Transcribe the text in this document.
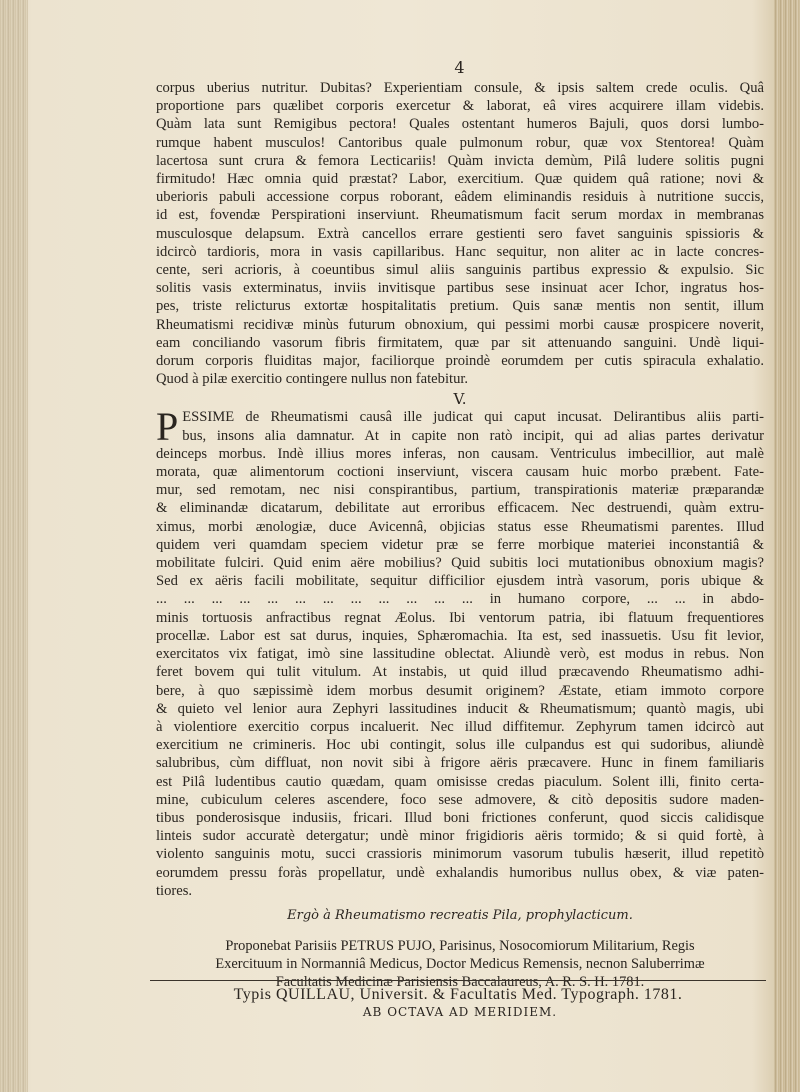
4
corpus uberius nutritur. Dubitas? Experientiam consule, & ipsis saltem crede oculis. Quâ
proportione pars quælibet corporis exercetur & laborat, eâ vires acquirere illam videbis.
Quàm lata sunt Remigibus pectora! Quales ostentant humeros Bajuli, quos dorsi lumbo-
rumque habent musculos! Cantoribus quale pulmonum robur, quæ vox Stentorea! Quàm
lacertosa sunt crura & femora Lecticariis! Quàm invicta demùm, Pilâ ludere solitis pugni
firmitudo! Hæc omnia quid præstat? Labor, exercitium. Quæ quidem quâ ratione; novi &
uberioris pabuli accessione corpus roborant, eâdem eliminandis residuis à nutritione succis,
id est, fovendæ Perspirationi inserviunt. Rheumatismum facit serum mordax in membranas
musculosque delapsum. Extrà cancellos errare gestienti sero favet sanguinis spissioris &
idcircò tardioris, mora in vasis capillaribus. Hanc sequitur, non aliter ac in lacte concres-
cente, seri acrioris, à coeuntibus simul aliis sanguinis partibus expressio & expulsio. Sic
solitis vasis exterminatus, inviis invitisque partibus sese insinuat acer Ichor, ingratus hos-
pes, triste relicturus extortæ hospitalitatis pretium. Quis sanæ mentis non sentit, illum
Rheumatismi recidivæ minùs futurum obnoxium, qui pessimi morbi causæ prospicere noverit,
eam conciliando vasorum fibris firmitatem, quæ par sit attenuando sanguini. Undè liqui-
dorum corporis fluiditas major, faciliorque proindè eorumdem per cutis spiracula exhalatio.
Quod à pilæ exercitio contingere nullus non fatebitur.
V.
P ESSIME de Rheumatismi causâ ille judicat qui caput incusat. Delirantibus aliis parti-
bus, insons alia damnatur. At in capite non ratò incipit, qui ad alias partes derivatur
deinceps morbus. Indè illius mores inferas, non causam. Ventriculus imbecillior, aut malè
morata, quæ alimentorum coctioni inserviunt, viscera causam huic morbo præbent. Fate-
mur, sed remotam, nec nisi conspirantibus, partium, transpirationis materiæ præparandæ
& eliminandæ dicatarum, debilitate aut erroribus efficacem. Nec destruendi, quàm extru-
ximus, morbi ænologiæ, duce Avicennâ, objicias status esse Rheumatismi parentes. Illud
quidem veri quamdam speciem videtur præ se ferre morbique materiei inconstantiâ &
mobilitate fulciri. Quid enim aëre mobilius? Quid subitis loci mutationibus obnoxium magis?
Sed ex aëris facili mobilitate, sequitur difficilior ejusdem intrà vasorum, poris ubique &
... ... ... ... ... ... ... ... ... ... ... ... in humano corpore, ... ... in abdo-
minis tortuosis anfractibus regnat Æolus. Ibi ventorum patria, ibi flatuum frequentiores
procellæ. Labor est sat durus, inquies, Sphæromachia. Ita est, sed inassuetis. Usu fit levior,
exercitatos vix fatigat, imò sine lassitudine oblectat. Aliundè verò, est modus in rebus. Non
feret bovem qui tulit vitulum. At instabis, ut quid illud præcavendo Rheumatismo adhi-
bere, à quo sæpissimè idem morbus desumit originem? Æstate, etiam immoto corpore
& quieto vel lenior aura Zephyri lassitudines inducit & Rheumatismum; quantò magis, ubi
à violentiore exercitio corpus incaluerit. Nec illud diffitemur. Zephyrum tamen idcircò aut
exercitium ne crimineris. Hoc ubi contingit, solus ille culpandus est qui sudoribus, aliundè
salubribus, cùm diffluat, non novit sibi à frigore aëris præcavere. Hunc in finem familiaris
est Pilâ ludentibus cautio quædam, quam omisisse credas piaculum. Solent illi, finito certa-
mine, cubiculum celeres ascendere, foco sese admovere, & citò depositis sudore maden-
tibus ponderosisque indusiis, fricari. Illud boni frictiones conferunt, quod siccis calidisque
linteis sudor accuratè detergatur; undè minor frigidioris aëris tormido; & si quid fortè, à
violento sanguinis motu, succi crassioris minimorum vasorum tubulis hæserit, illud repetitò
eorumdem pressu foràs propellatur, undè exhalandis humoribus nullus obex, & viæ paten-
tiores.
Ergò à Rheumatismo recreatis Pila, prophylacticum.
Proponebat Parisiis PETRUS PUJO, Parisinus, Nosocomiorum Militarium, Regis
Exercituum in Normanniâ Medicus, Doctor Medicus Remensis, necnon Saluberrimæ
Facultatis Medicinæ Parisiensis Baccalaureus, A. R. S. H. 1781.
AB OCTAVA AD MERIDIEM.
Typis QUILLAU, Universit. & Facultatis Med. Typograph. 1781.
